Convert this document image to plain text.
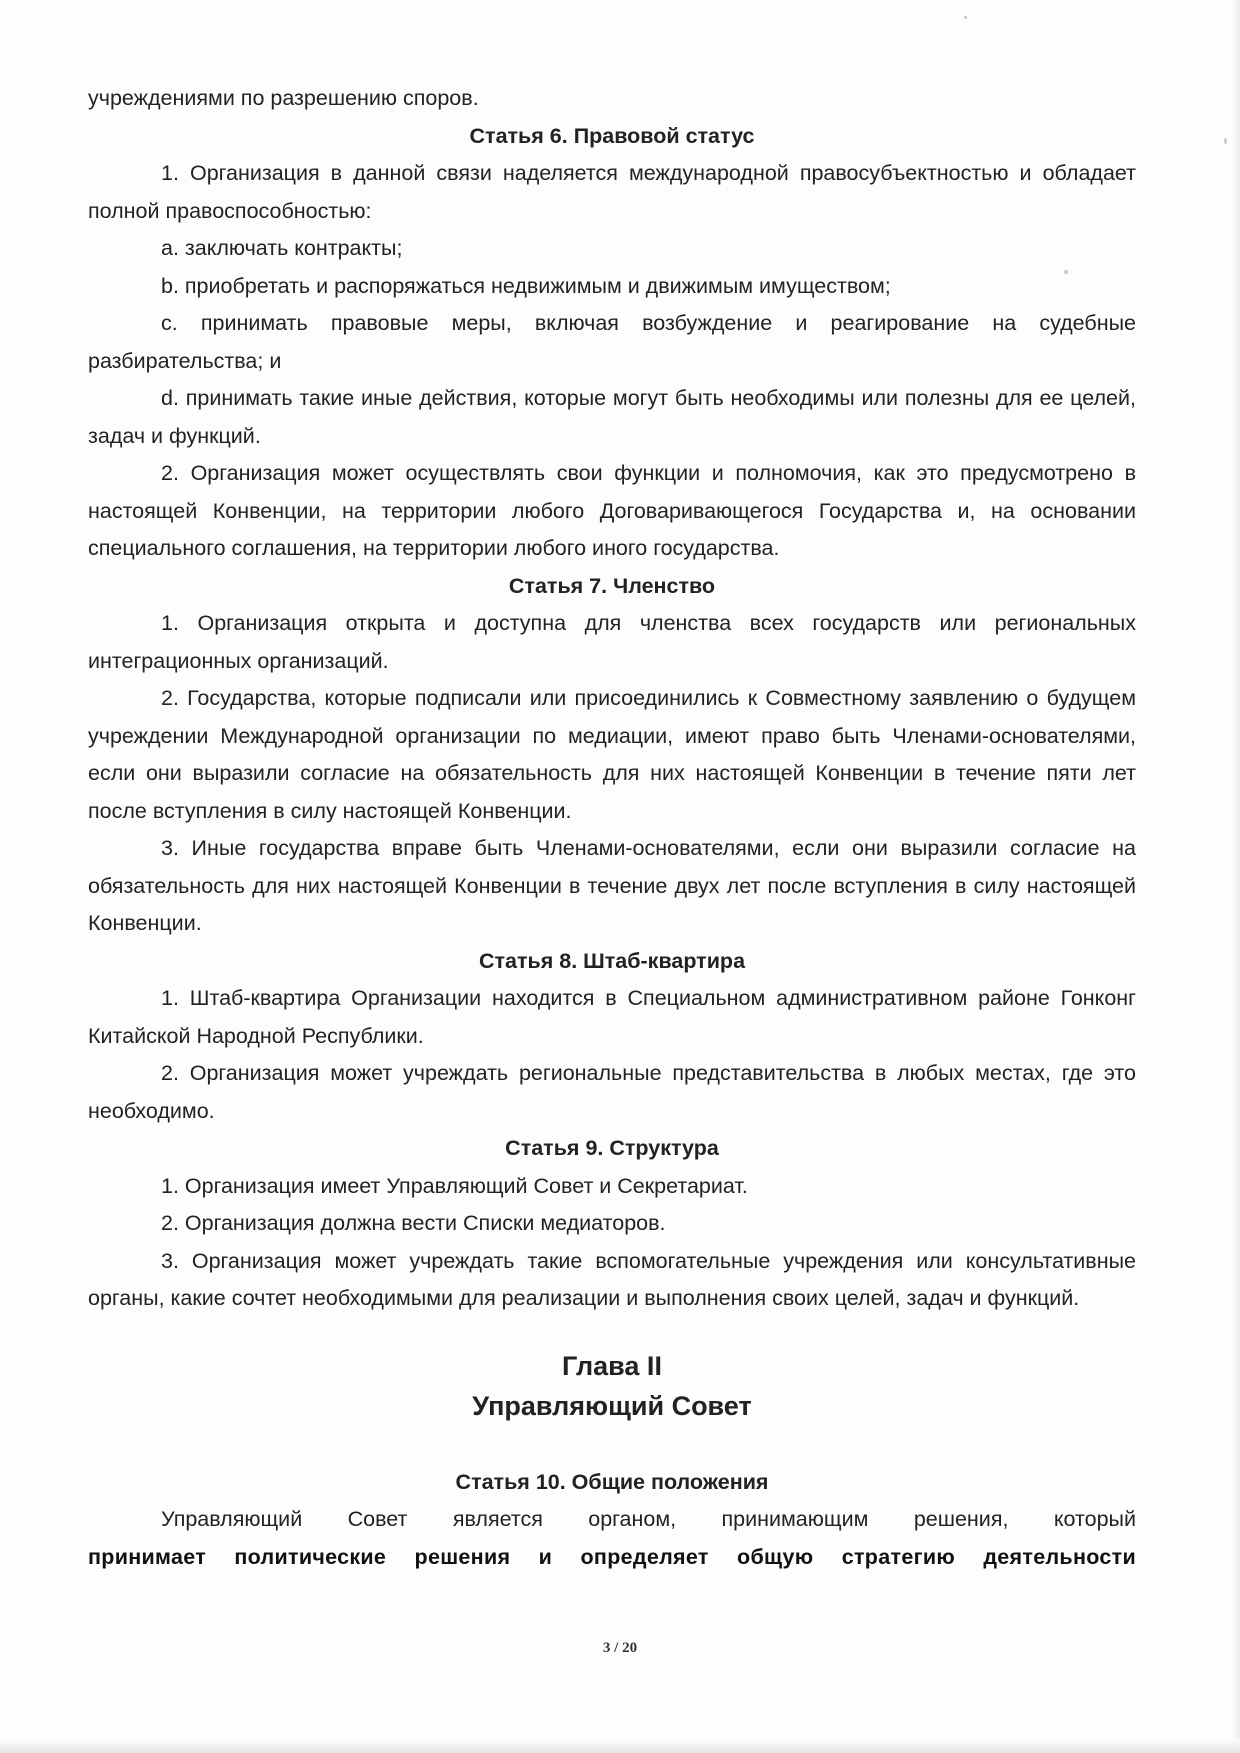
учреждениями по разрешению споров.

Статья 6. Правовой статус

1. Организация в данной связи наделяется международной правосубъектностью и обладает полной правоспособностью:

a. заключать контракты;

b. приобретать и распоряжаться недвижимым и движимым имуществом;

c. принимать правовые меры, включая возбуждение и реагирование на судебные разбирательства; и

d. принимать такие иные действия, которые могут быть необходимы или полезны для ее целей, задач и функций.

2. Организация может осуществлять свои функции и полномочия, как это предусмотрено в настоящей Конвенции, на территории любого Договаривающегося Государства и, на основании специального соглашения, на территории любого иного государства.

Статья 7. Членство

1. Организация открыта и доступна для членства всех государств или региональных интеграционных организаций.

2. Государства, которые подписали или присоединились к Совместному заявлению о будущем учреждении Международной организации по медиации, имеют право быть Членами-основателями, если они выразили согласие на обязательность для них настоящей Конвенции в течение пяти лет после вступления в силу настоящей Конвенции.

3. Иные государства вправе быть Членами-основателями, если они выразили согласие на обязательность для них настоящей Конвенции в течение двух лет после вступления в силу настоящей Конвенции.

Статья 8. Штаб-квартира

1. Штаб-квартира Организации находится в Специальном административном районе Гонконг Китайской Народной Республики.

2. Организация может учреждать региональные представительства в любых местах, где это необходимо.

Статья 9. Структура

1. Организация имеет Управляющий Совет и Секретариат.

2. Организация должна вести Списки медиаторов.

3. Организация может учреждать такие вспомогательные учреждения или консультативные органы, какие сочтет необходимыми для реализации и выполнения своих целей, задач и функций.

Глава II

Управляющий Совет

Статья 10. Общие положения

Управляющий Совет является органом, принимающим решения, который

принимает политические решения и определяет общую стратегию деятельности

3 / 20
